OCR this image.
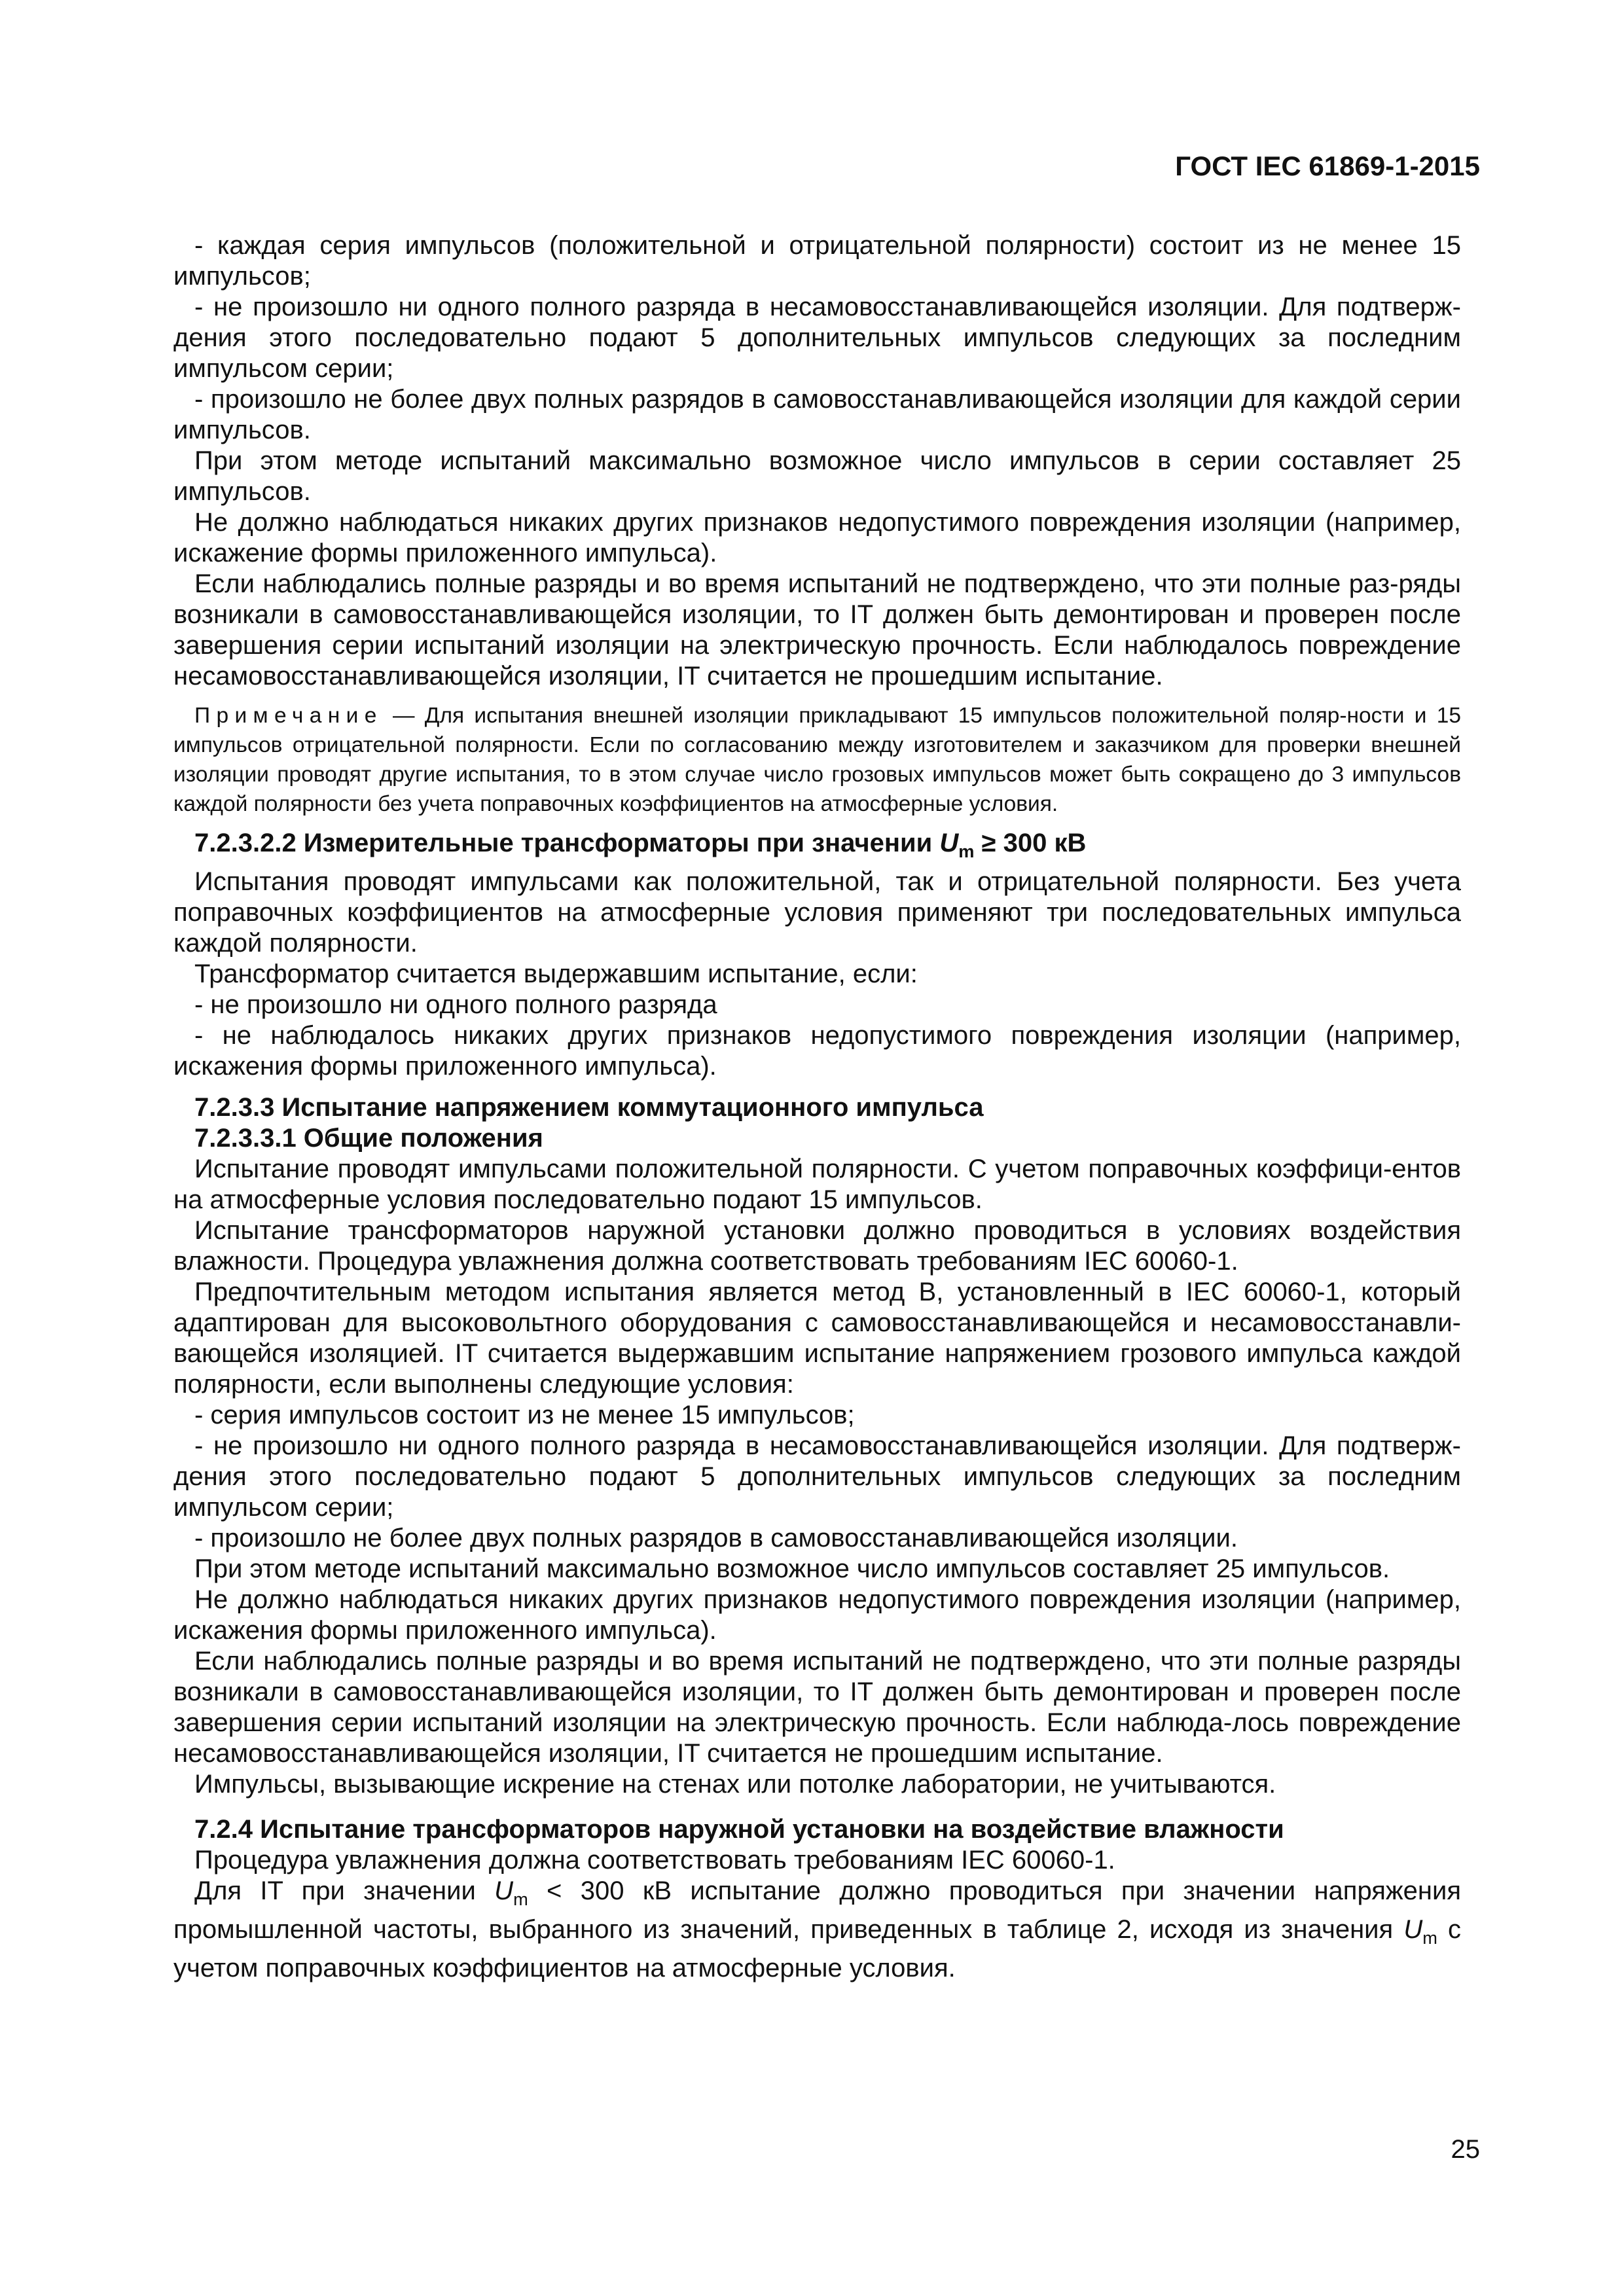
ГОСТ IEC 61869-1-2015

- каждая серия импульсов (положительной и отрицательной полярности) состоит из не менее 15 импульсов;

- не произошло ни одного полного разряда в несамовосстанавливающейся изоляции. Для подтверж-дения этого последовательно подают 5 дополнительных импульсов следующих за последним импульсом серии;

- произошло не более двух полных разрядов в самовосстанавливающейся изоляции для каждой серии импульсов.

При этом методе испытаний максимально возможное число импульсов в серии составляет 25 импульсов.

Не должно наблюдаться никаких других признаков недопустимого повреждения изоляции (например, искажение формы приложенного импульса).

Если наблюдались полные разряды и во время испытаний не подтверждено, что эти полные раз-ряды возникали в самовосстанавливающейся изоляции, то IT должен быть демонтирован и проверен после завершения серии испытаний изоляции на электрическую прочность. Если наблюдалось повреждение несамовосстанавливающейся изоляции, IT считается не прошедшим испытание.

Примечание — Для испытания внешней изоляции прикладывают 15 импульсов положительной поляр-ности и 15 импульсов отрицательной полярности. Если по согласованию между изготовителем и заказчиком для проверки внешней изоляции проводят другие испытания, то в этом случае число грозовых импульсов может быть сокращено до 3 импульсов каждой полярности без учета поправочных коэффициентов на атмосферные условия.

7.2.3.2.2 Измерительные трансформаторы при значении $U_m \ge 300$ кВ

Испытания проводят импульсами как положительной, так и отрицательной полярности. Без учета поправочных коэффициентов на атмосферные условия применяют три последовательных импульса каждой полярности.

Трансформатор считается выдержавшим испытание, если:

- не произошло ни одного полного разряда

- не наблюдалось никаких других признаков недопустимого повреждения изоляции (например, искажения формы приложенного импульса).

7.2.3.3 Испытание напряжением коммутационного импульса
7.2.3.3.1 Общие положения

Испытание проводят импульсами положительной полярности. С учетом поправочных коэффици-ентов на атмосферные условия последовательно подают 15 импульсов.

Испытание трансформаторов наружной установки должно проводиться в условиях воздействия влажности. Процедура увлажнения должна соответствовать требованиям IEC 60060-1.

Предпочтительным методом испытания является метод B, установленный в IEC 60060-1, который адаптирован для высоковольтного оборудования с самовосстанавливающейся и несамовосстанавли-вающейся изоляцией. IT считается выдержавшим испытание напряжением грозового импульса каждой полярности, если выполнены следующие условия:

- серия импульсов состоит из не менее 15 импульсов;

- не произошло ни одного полного разряда в несамовосстанавливающейся изоляции. Для подтверж-дения этого последовательно подают 5 дополнительных импульсов следующих за последним импульсом серии;

- произошло не более двух полных разрядов в самовосстанавливающейся изоляции.

При этом методе испытаний максимально возможное число импульсов составляет 25 импульсов.

Не должно наблюдаться никаких других признаков недопустимого повреждения изоляции (например, искажения формы приложенного импульса).

Если наблюдались полные разряды и во время испытаний не подтверждено, что эти полные разряды возникали в самовосстанавливающейся изоляции, то IT должен быть демонтирован и проверен после завершения серии испытаний изоляции на электрическую прочность. Если наблюда-лось повреждение несамовосстанавливающейся изоляции, IT считается не прошедшим испытание.

Импульсы, вызывающие искрение на стенах или потолке лаборатории, не учитываются.

7.2.4 Испытание трансформаторов наружной установки на воздействие влажности

Процедура увлажнения должна соответствовать требованиям IEC 60060-1.

Для IT при значении $U_m < 300$ кВ испытание должно проводиться при значении напряжения промышленной частоты, выбранного из значений, приведенных в таблице 2, исходя из значения $U_m$ с учетом поправочных коэффициентов на атмосферные условия.

25
